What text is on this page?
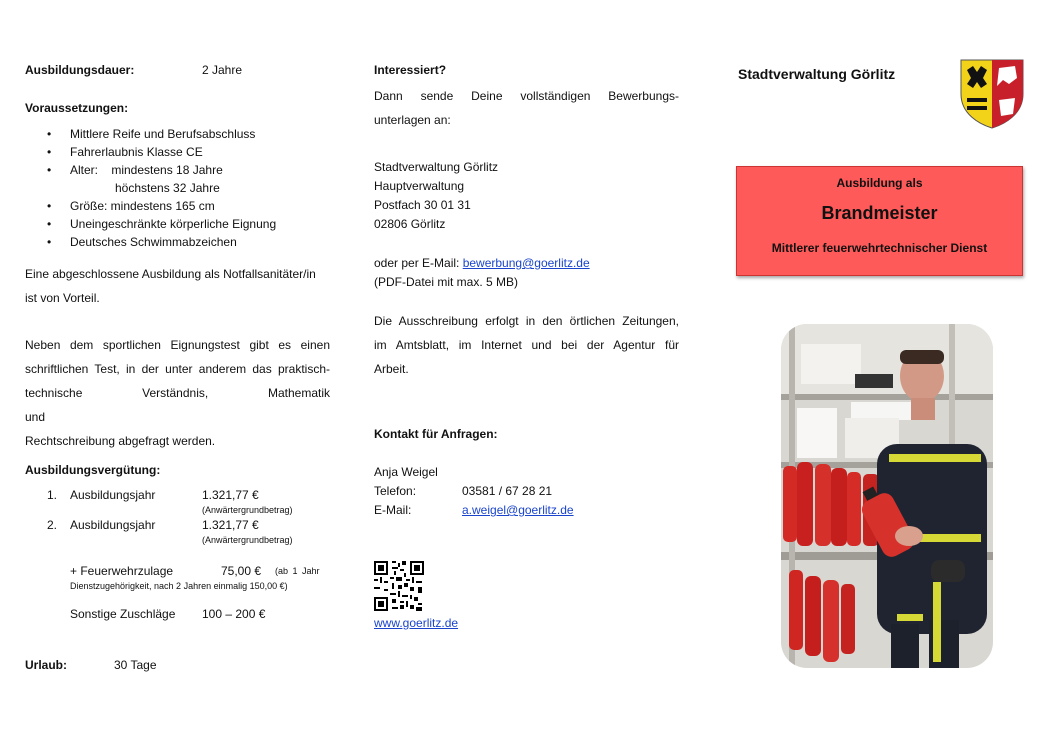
Ausbildungsdauer:	2 Jahre
Voraussetzungen:
• Mittlere Reife und Berufsabschluss
• Fahrerlaubnis Klasse CE
• Alter:    mindestens 18 Jahre
höchstens 32 Jahre
• Größe: mindestens 165 cm
• Uneingeschränkte körperliche Eignung
• Deutsches Schwimmabzeichen
Eine abgeschlossene Ausbildung als Notfallsanitäter/in
ist von Vorteil.
Neben dem sportlichen Eignungstest gibt es einen
schriftlichen Test, in der unter anderem das praktisch-
technische Verständnis, Mathematik und
Rechtschreibung abgefragt werden.
Ausbildungsvergütung:
1. Ausbildungsjahr	1.321,77 €
(Anwärtergrundbetrag)
2. Ausbildungsjahr	1.321,77 €
(Anwärtergrundbetrag)
+ Feuerwehrzulage	75,00 € (ab 1 Jahr
Dienstzugehörigkeit, nach 2 Jahren einmalig 150,00 €)
Sonstige Zuschläge 100 – 200 €
Urlaub:	30 Tage
Interessiert?
Dann sende Deine vollständigen Bewerbungs-
unterlagen an:
Stadtverwaltung Görlitz
Hauptverwaltung
Postfach 30 01 31
02806 Görlitz
oder per E-Mail: bewerbung@goerlitz.de
(PDF-Datei mit max. 5 MB)
Die Ausschreibung erfolgt in den örtlichen Zeitungen,
im Amtsblatt, im Internet und bei der Agentur für
Arbeit.
Kontakt für Anfragen:
Anja Weigel
Telefon:	03581 / 67 28 21
E-Mail:	a.weigel@goerlitz.de
www.goerlitz.de
Stadtverwaltung Görlitz
Ausbildung als
Brandmeister
Mittlerer feuerwehrtechnischer Dienst
